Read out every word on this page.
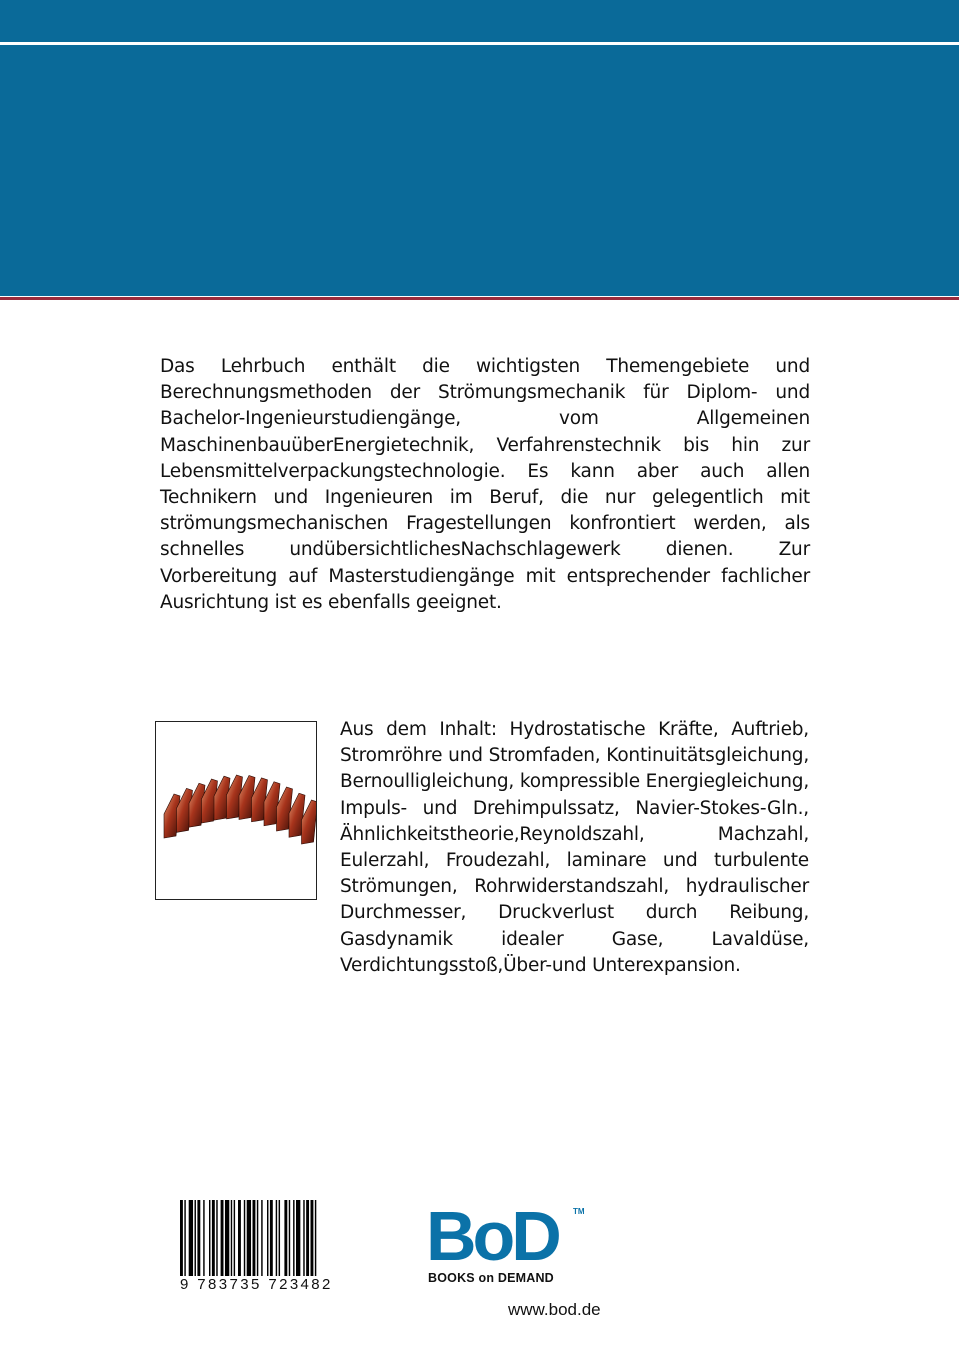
Das Lehrbuch enthält die wichtigsten Themengebiete und Berechnungsmethoden der Strömungsmechanik für Diplom- und Bachelor-Ingenieurstudiengänge, vom Allgemeinen MaschinenbauüberEnergietechnik, Verfahrenstechnik bis hin zur Lebensmittelverpackungstechnologie. Es kann aber auch allen Technikern und Ingenieuren im Beruf, die nur gelegentlich mit strömungsmechanischen Fragestellungen konfrontiert werden, als schnelles undübersichtlichesNachschlagewerk dienen. Zur Vorbereitung auf Masterstudiengänge mit entsprechender fachlicher Ausrichtung ist es ebenfalls geeignet.

Aus dem Inhalt: Hydrostatische Kräfte, Auftrieb, Stromröhre und Stromfaden, Kontinuitätsgleichung, Bernoulligleichung, kompressible Energiegleichung, Impuls- und Drehimpulssatz, Navier-Stokes-Gln., Ähnlichkeitstheorie,Reynoldszahl, Machzahl, Eulerzahl, Froudezahl, laminare und turbulente Strömungen, Rohrwiderstandszahl, hydraulischer Durchmesser, Druckverlust durch Reibung, Gasdynamik idealer Gase, Lavaldüse, Verdichtungsstoß,Über-und Unterexpansion.

9 783735 723482
BoD TM
BOOKS on DEMAND
www.bod.de
